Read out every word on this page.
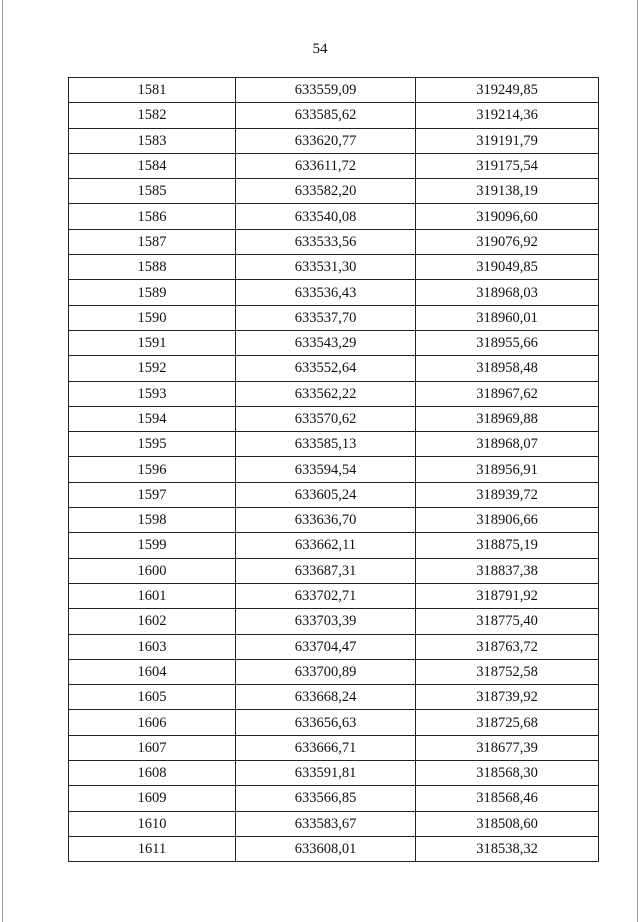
54
1581	633559,09	319249,85
1582	633585,62	319214,36
1583	633620,77	319191,79
1584	633611,72	319175,54
1585	633582,20	319138,19
1586	633540,08	319096,60
1587	633533,56	319076,92
1588	633531,30	319049,85
1589	633536,43	318968,03
1590	633537,70	318960,01
1591	633543,29	318955,66
1592	633552,64	318958,48
1593	633562,22	318967,62
1594	633570,62	318969,88
1595	633585,13	318968,07
1596	633594,54	318956,91
1597	633605,24	318939,72
1598	633636,70	318906,66
1599	633662,11	318875,19
1600	633687,31	318837,38
1601	633702,71	318791,92
1602	633703,39	318775,40
1603	633704,47	318763,72
1604	633700,89	318752,58
1605	633668,24	318739,92
1606	633656,63	318725,68
1607	633666,71	318677,39
1608	633591,81	318568,30
1609	633566,85	318568,46
1610	633583,67	318508,60
1611	633608,01	318538,32
